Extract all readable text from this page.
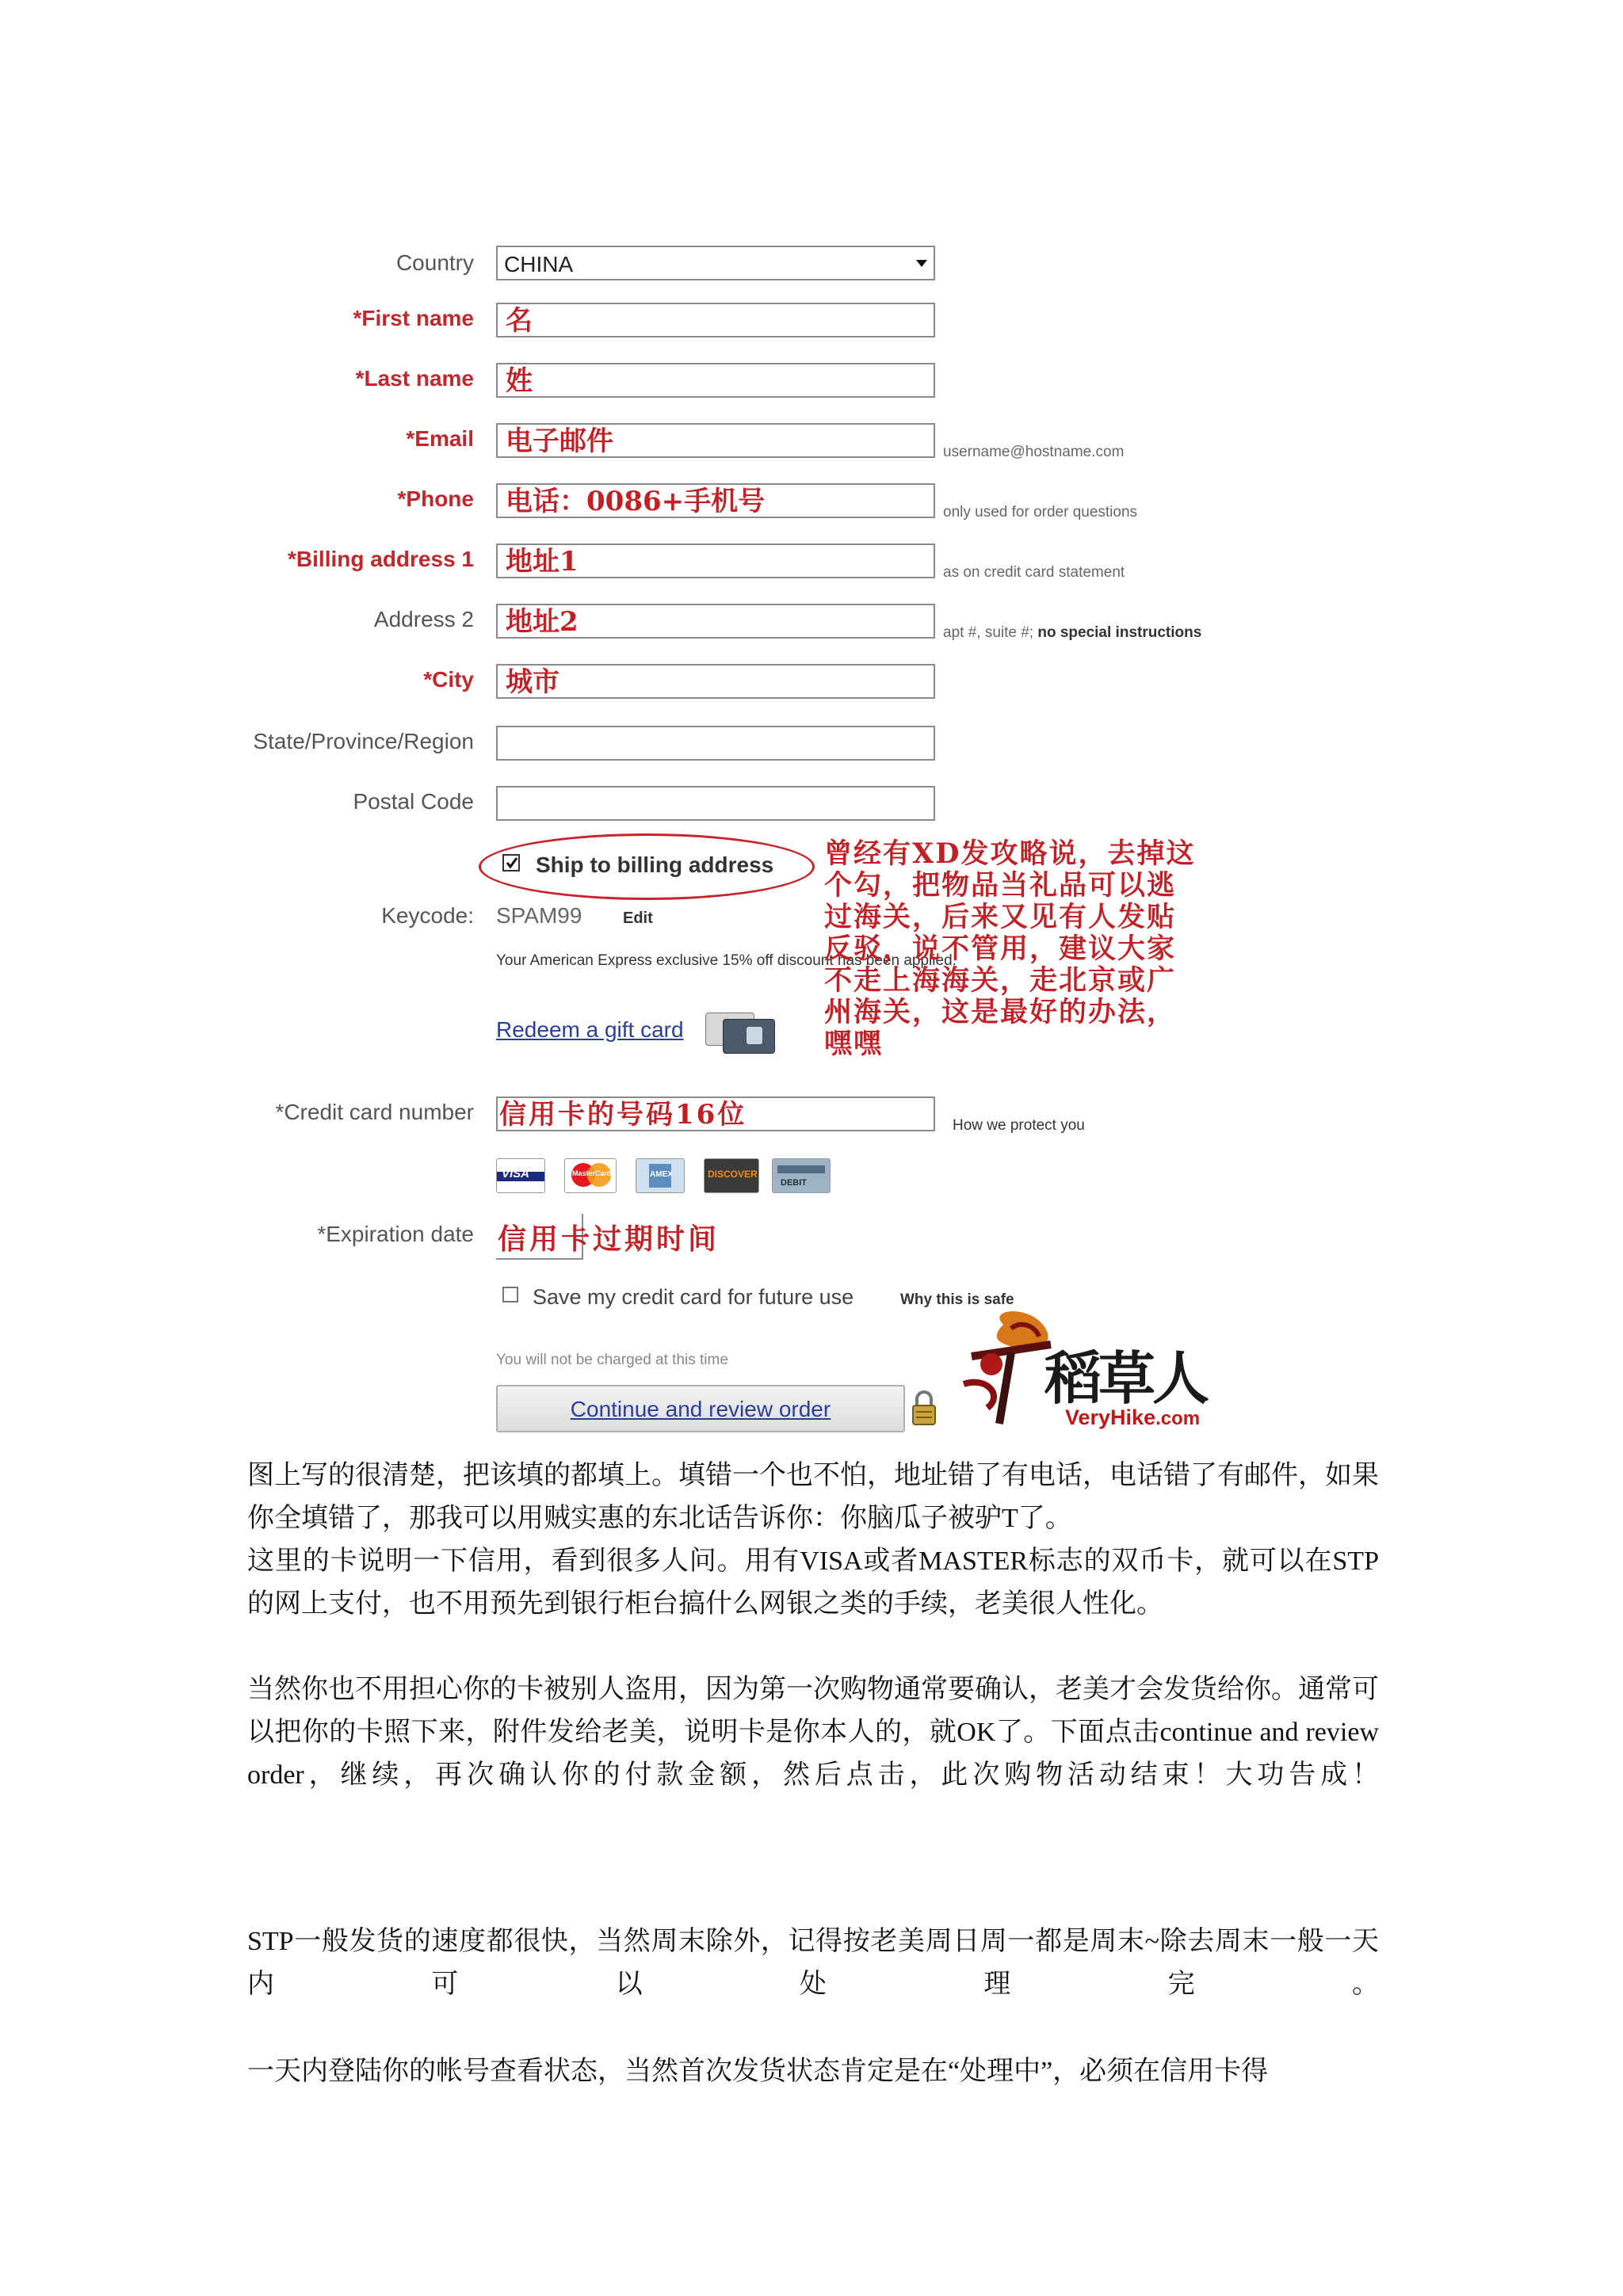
Country CHINA
*First name 名
*Last name 姓
*Email 电子邮件	username@hostname.com
*Phone 电话：0086+手机号	only used for order questions
*Billing address 1 地址1	as on credit card statement
Address 2 地址2	apt #, suite #; no special instructions
*City 城市
State/Province/Region
Postal Code
Ship to billing address
Keycode: SPAM99	Edit
Your American Express exclusive 15% off discount has been applied.
Redeem a gift card
曾经有XD发攻略说，去掉这个勾，把物品当礼品可以逃过海关，后来又见有人发贴反驳，说不管用，建议大家不走上海海关，走北京或广州海关，这是最好的办法，嘿嘿
*Credit card number 信用卡的号码16位	How we protect you
VISA	MasterCard	AMEX	DISCOVER
DEBIT
*Expiration date 信用卡过期时间
Save my credit card for future use	Why this is safe
You will not be charged at this time
Continue and review order	稻草人
VeryHike.com
图上写的很清楚，把该填的都填上。填错一个也不怕，地址错了有电话，电话错了有邮件，如果你全填错了，那我可以用贼实惠的东北话告诉你：你脑瓜子被驴T了。
这里的卡说明一下信用，看到很多人问。用有VISA或者MASTER标志的双币卡，就可以在STP的网上支付，也不用预先到银行柜台搞什么网银之类的手续，老美很人性化。
当然你也不用担心你的卡被别人盗用，因为第一次购物通常要确认，老美才会发货给你。通常可以把你的卡照下来，附件发给老美，说明卡是你本人的，就OK了。下面点击continue and review order，继续，再次确认你的付款金额，然后点击，此次购物活动结束！大功告成！
STP一般发货的速度都很快，当然周末除外，记得按老美周日周一都是周末~除去周末一般一天内可以处理完。
一天内登陆你的帐号查看状态，当然首次发货状态肯定是在“处理中”，必须在信用卡得
